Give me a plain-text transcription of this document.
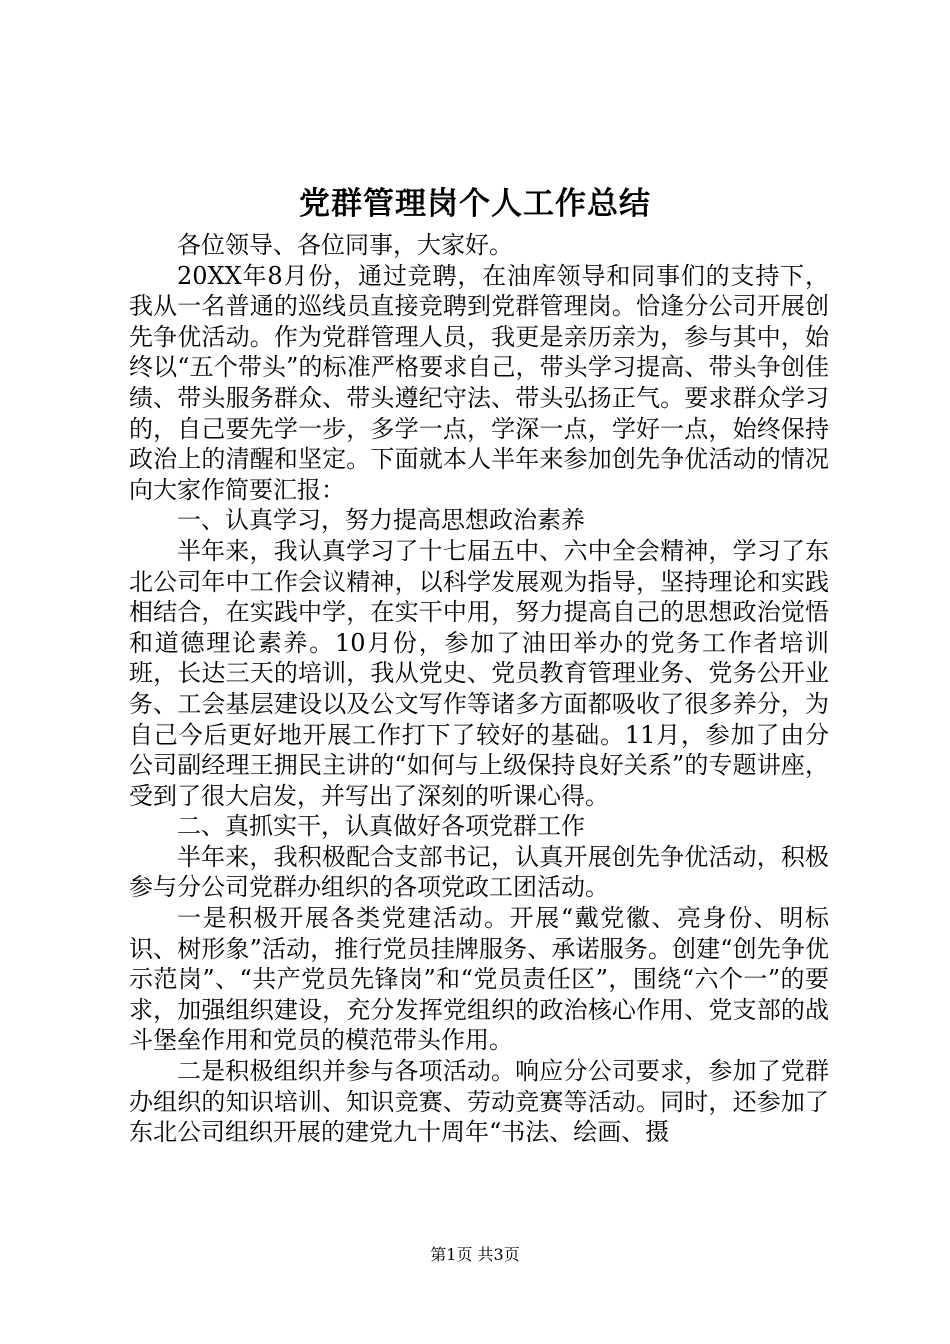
党群管理岗个人工作总结

各位领导、各位同事，大家好。

20XX年8月份，通过竞聘，在油库领导和同事们的支持下，我从一名普通的巡线员直接竞聘到党群管理岗。恰逢分公司开展创先争优活动。作为党群管理人员，我更是亲历亲为，参与其中，始终以“五个带头”的标准严格要求自己，带头学习提高、带头争创佳绩、带头服务群众、带头遵纪守法、带头弘扬正气。要求群众学习的，自己要先学一步，多学一点，学深一点，学好一点，始终保持政治上的清醒和坚定。下面就本人半年来参加创先争优活动的情况向大家作简要汇报：

一、认真学习，努力提高思想政治素养

半年来，我认真学习了十七届五中、六中全会精神，学习了东北公司年中工作会议精神，以科学发展观为指导，坚持理论和实践相结合，在实践中学，在实干中用，努力提高自己的思想政治觉悟和道德理论素养。10月份，参加了油田举办的党务工作者培训班，长达三天的培训，我从党史、党员教育管理业务、党务公开业务、工会基层建设以及公文写作等诸多方面都吸收了很多养分，为自己今后更好地开展工作打下了较好的基础。11月，参加了由分公司副经理王拥民主讲的“如何与上级保持良好关系”的专题讲座，受到了很大启发，并写出了深刻的听课心得。

二、真抓实干，认真做好各项党群工作

半年来，我积极配合支部书记，认真开展创先争优活动，积极参与分公司党群办组织的各项党政工团活动。

一是积极开展各类党建活动。开展“戴党徽、亮身份、明标识、树形象”活动，推行党员挂牌服务、承诺服务。创建“创先争优示范岗”、“共产党员先锋岗”和“党员责任区”，围绕“六个一”的要求，加强组织建设，充分发挥党组织的政治核心作用、党支部的战斗堡垒作用和党员的模范带头作用。

二是积极组织并参与各项活动。响应分公司要求，参加了党群办组织的知识培训、知识竞赛、劳动竞赛等活动。同时，还参加了东北公司组织开展的建党九十周年“书法、绘画、摄

第1页 共3页
